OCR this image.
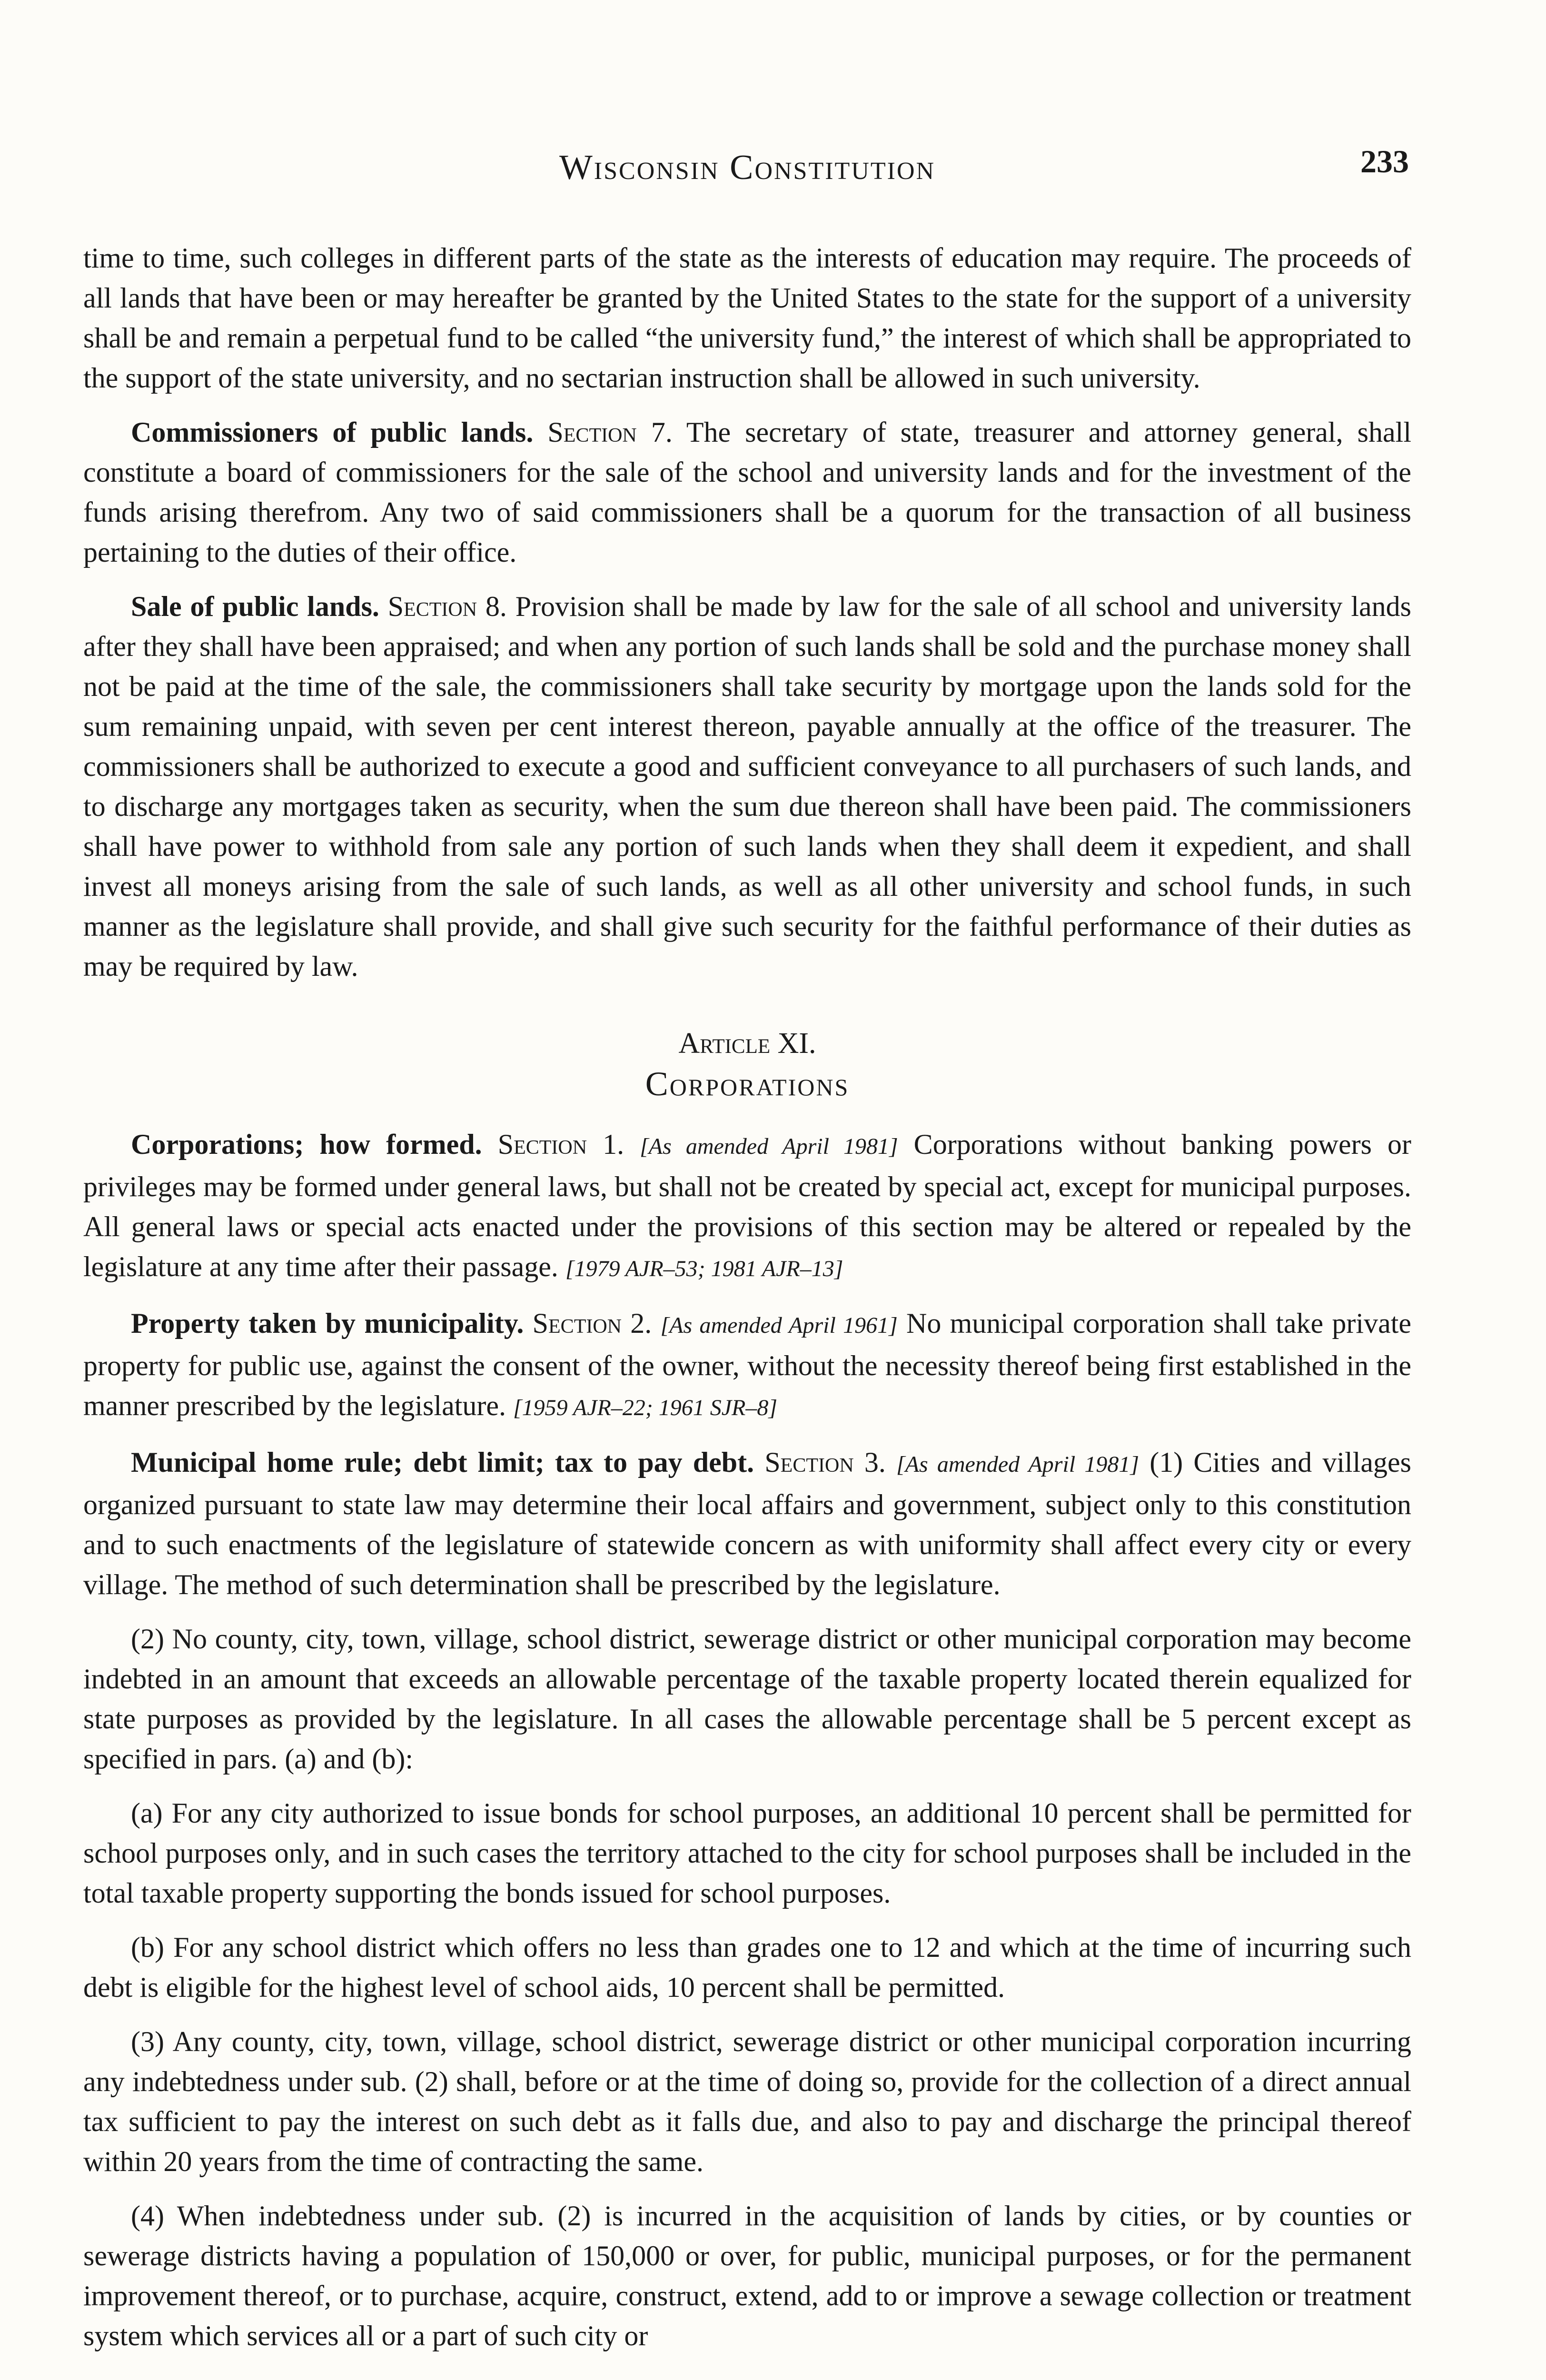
Wisconsin Constitution	233

time to time, such colleges in different parts of the state as the interests of education may require. The proceeds of all lands that have been or may hereafter be granted by the United States to the state for the support of a university shall be and remain a perpetual fund to be called “the university fund,” the interest of which shall be appropriated to the support of the state university, and no sectarian instruction shall be allowed in such university.

Commissioners of public lands. Section 7. The secretary of state, treasurer and attorney general, shall constitute a board of commissioners for the sale of the school and university lands and for the investment of the funds arising therefrom. Any two of said commissioners shall be a quorum for the transaction of all business pertaining to the duties of their office.

Sale of public lands. Section 8. Provision shall be made by law for the sale of all school and university lands after they shall have been appraised; and when any portion of such lands shall be sold and the purchase money shall not be paid at the time of the sale, the commissioners shall take security by mortgage upon the lands sold for the sum remaining unpaid, with seven per cent interest thereon, payable annually at the office of the treasurer. The commissioners shall be authorized to execute a good and sufficient conveyance to all purchasers of such lands, and to discharge any mortgages taken as security, when the sum due thereon shall have been paid. The commissioners shall have power to withhold from sale any portion of such lands when they shall deem it expedient, and shall invest all moneys arising from the sale of such lands, as well as all other university and school funds, in such manner as the legislature shall provide, and shall give such security for the faithful performance of their duties as may be required by law.

Article XI.
Corporations

Corporations; how formed. Section 1. [As amended April 1981] Corporations without banking powers or privileges may be formed under general laws, but shall not be created by special act, except for municipal purposes. All general laws or special acts enacted under the provisions of this section may be altered or repealed by the legislature at any time after their passage. [1979 AJR–53; 1981 AJR–13]

Property taken by municipality. Section 2. [As amended April 1961] No municipal corporation shall take private property for public use, against the consent of the owner, without the necessity thereof being first established in the manner prescribed by the legislature. [1959 AJR–22; 1961 SJR–8]

Municipal home rule; debt limit; tax to pay debt. Section 3. [As amended April 1981] (1) Cities and villages organized pursuant to state law may determine their local affairs and government, subject only to this constitution and to such enactments of the legislature of statewide concern as with uniformity shall affect every city or every village. The method of such determination shall be prescribed by the legislature.

(2) No county, city, town, village, school district, sewerage district or other municipal corporation may become indebted in an amount that exceeds an allowable percentage of the taxable property located therein equalized for state purposes as provided by the legislature. In all cases the allowable percentage shall be 5 percent except as specified in pars. (a) and (b):

(a) For any city authorized to issue bonds for school purposes, an additional 10 percent shall be permitted for school purposes only, and in such cases the territory attached to the city for school purposes shall be included in the total taxable property supporting the bonds issued for school purposes.

(b) For any school district which offers no less than grades one to 12 and which at the time of incurring such debt is eligible for the highest level of school aids, 10 percent shall be permitted.

(3) Any county, city, town, village, school district, sewerage district or other municipal corporation incurring any indebtedness under sub. (2) shall, before or at the time of doing so, provide for the collection of a direct annual tax sufficient to pay the interest on such debt as it falls due, and also to pay and discharge the principal thereof within 20 years from the time of contracting the same.

(4) When indebtedness under sub. (2) is incurred in the acquisition of lands by cities, or by counties or sewerage districts having a population of 150,000 or over, for public, municipal purposes, or for the permanent improvement thereof, or to purchase, acquire, construct, extend, add to or improve a sewage collection or treatment system which services all or a part of such city or
